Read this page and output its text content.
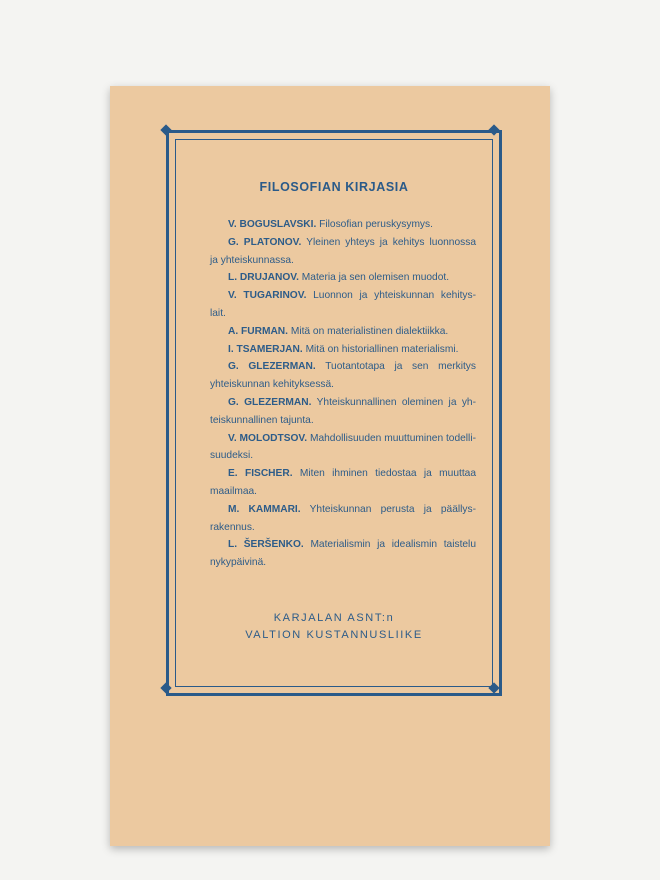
FILOSOFIAN KIRJASIA
V. BOGUSLAVSKI. Filosofian peruskysymys.
G. PLATONOV. Yleinen yhteys ja kehitys luonnossa
ja yhteiskunnassa.
L. DRUJANOV. Materia ja sen olemisen muodot.
V. TUGARINOV. Luonnon ja yhteiskunnan kehitys-
lait.
A. FURMAN. Mitä on materialistinen dialektiikka.
I. TSAMERJAN. Mitä on historiallinen materialismi.
G. GLEZERMAN. Tuotantotapa ja sen merkitys
yhteiskunnan kehityksessä.
G. GLEZERMAN. Yhteiskunnallinen oleminen ja yh-
teiskunnallinen tajunta.
V. MOLODTSOV. Mahdollisuuden muuttuminen todelli-
suudeksi.
E. FISCHER. Miten ihminen tiedostaa ja muuttaa
maailmaa.
M. KAMMARI. Yhteiskunnan perusta ja päällys-
rakennus.
L. ŠERŠENKO. Materialismin ja idealismin taistelu
nykypäivinä.
KARJALAN ASNT:n
VALTION KUSTANNUSLIIKE
